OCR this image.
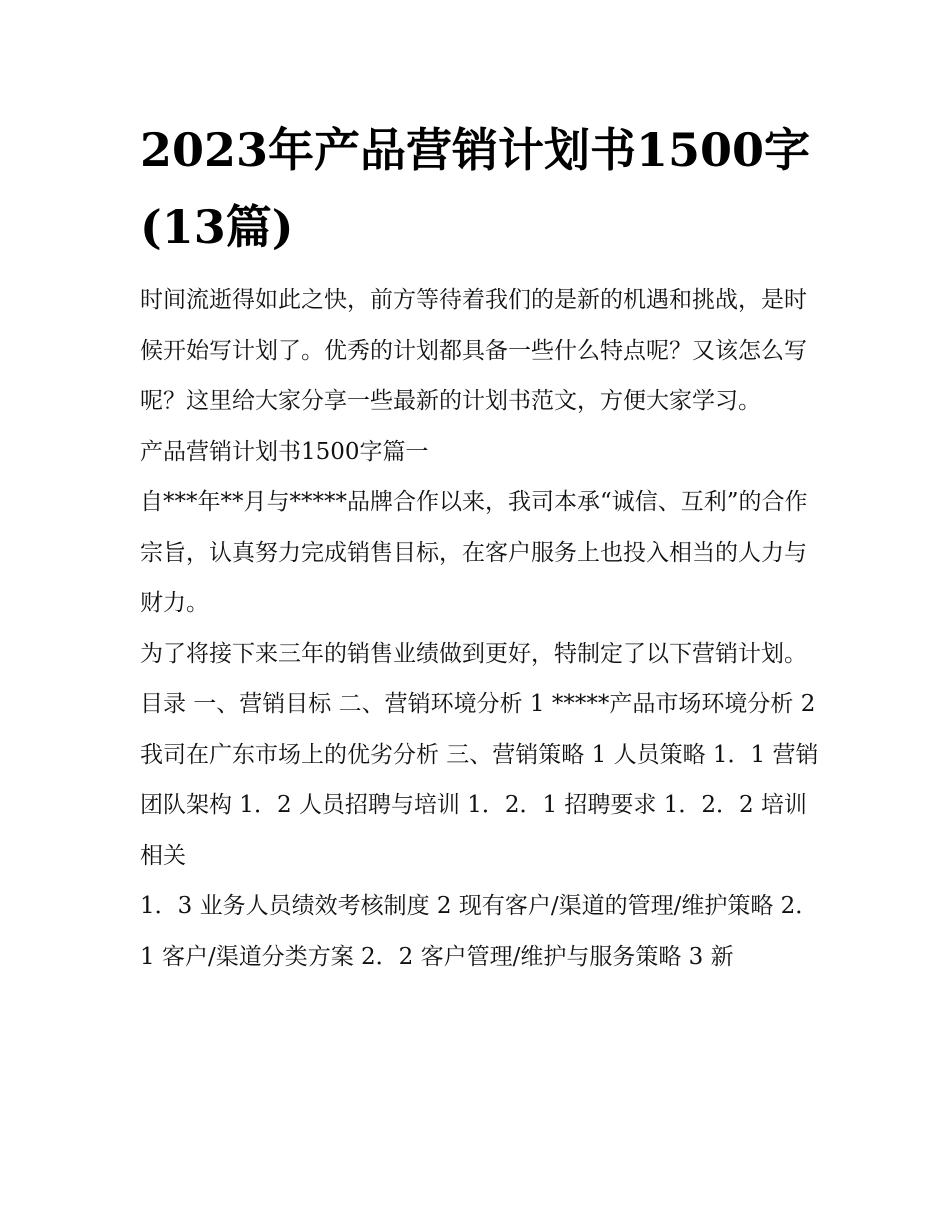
2023年产品营销计划书1500字(13篇)

时间流逝得如此之快，前方等待着我们的是新的机遇和挑战，是时候开始写计划了。优秀的计划都具备一些什么特点呢？又该怎么写呢？这里给大家分享一些最新的计划书范文，方便大家学习。

产品营销计划书1500字篇一

自***年**月与*****品牌合作以来，我司本承“诚信、互利”的合作宗旨，认真努力完成销售目标，在客户服务上也投入相当的人力与财力。

为了将接下来三年的销售业绩做到更好，特制定了以下营销计划。 目录 一、营销目标 二、营销环境分析 1 *****产品市场环境分析 2

我司在广东市场上的优劣分析 三、营销策略 1 人员策略 1．1 营销团队架构 1．2 人员招聘与培训 1．2．1 招聘要求 1．2．2 培训相关

1．3 业务人员绩效考核制度 2 现有客户/渠道的管理/维护策略 2．1 客户/渠道分类方案 2．2 客户管理/维护与服务策略 3 新
